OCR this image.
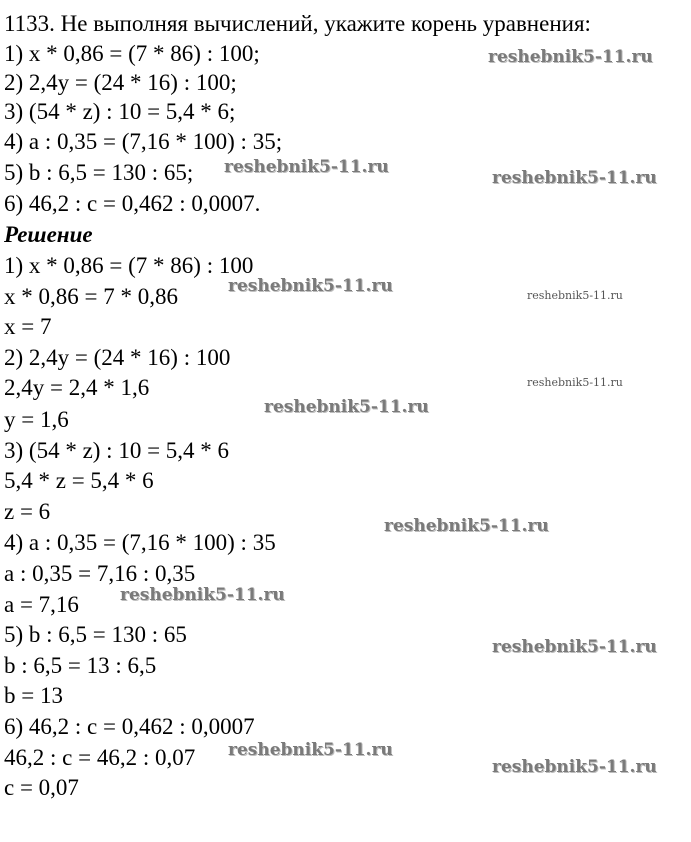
1133. Не выполняя вычислений, укажите корень уравнения:
1) x * 0,86 = (7 * 86) : 100;
2) 2,4y = (24 * 16) : 100;
3) (54 * z) : 10 = 5,4 * 6;
4) a : 0,35 = (7,16 * 100) : 35;
5) b : 6,5 = 130 : 65;
6) 46,2 : c = 0,462 : 0,0007.
Решение
1) x * 0,86 = (7 * 86) : 100
x * 0,86 = 7 * 0,86
x = 7
2) 2,4y = (24 * 16) : 100
2,4y = 2,4 * 1,6
y = 1,6
3) (54 * z) : 10 = 5,4 * 6
5,4 * z = 5,4 * 6
z = 6
4) a : 0,35 = (7,16 * 100) : 35
a : 0,35 = 7,16 : 0,35
a = 7,16
5) b : 6,5 = 130 : 65
b : 6,5 = 13 : 6,5
b = 13
6) 46,2 : c = 0,462 : 0,0007
46,2 : c = 46,2 : 0,07
c = 0,07
reshebnik5-11.ru
reshebnik5-11.ru
reshebnik5-11.ru
reshebnik5-11.ru	reshebnik5-11.ru
reshebnik5-11.ru
reshebnik5-11.ru
reshebnik5-11.ru
reshebnik5-11.ru
reshebnik5-11.ru
reshebnik5-11.ru
reshebnik5-11.ru
